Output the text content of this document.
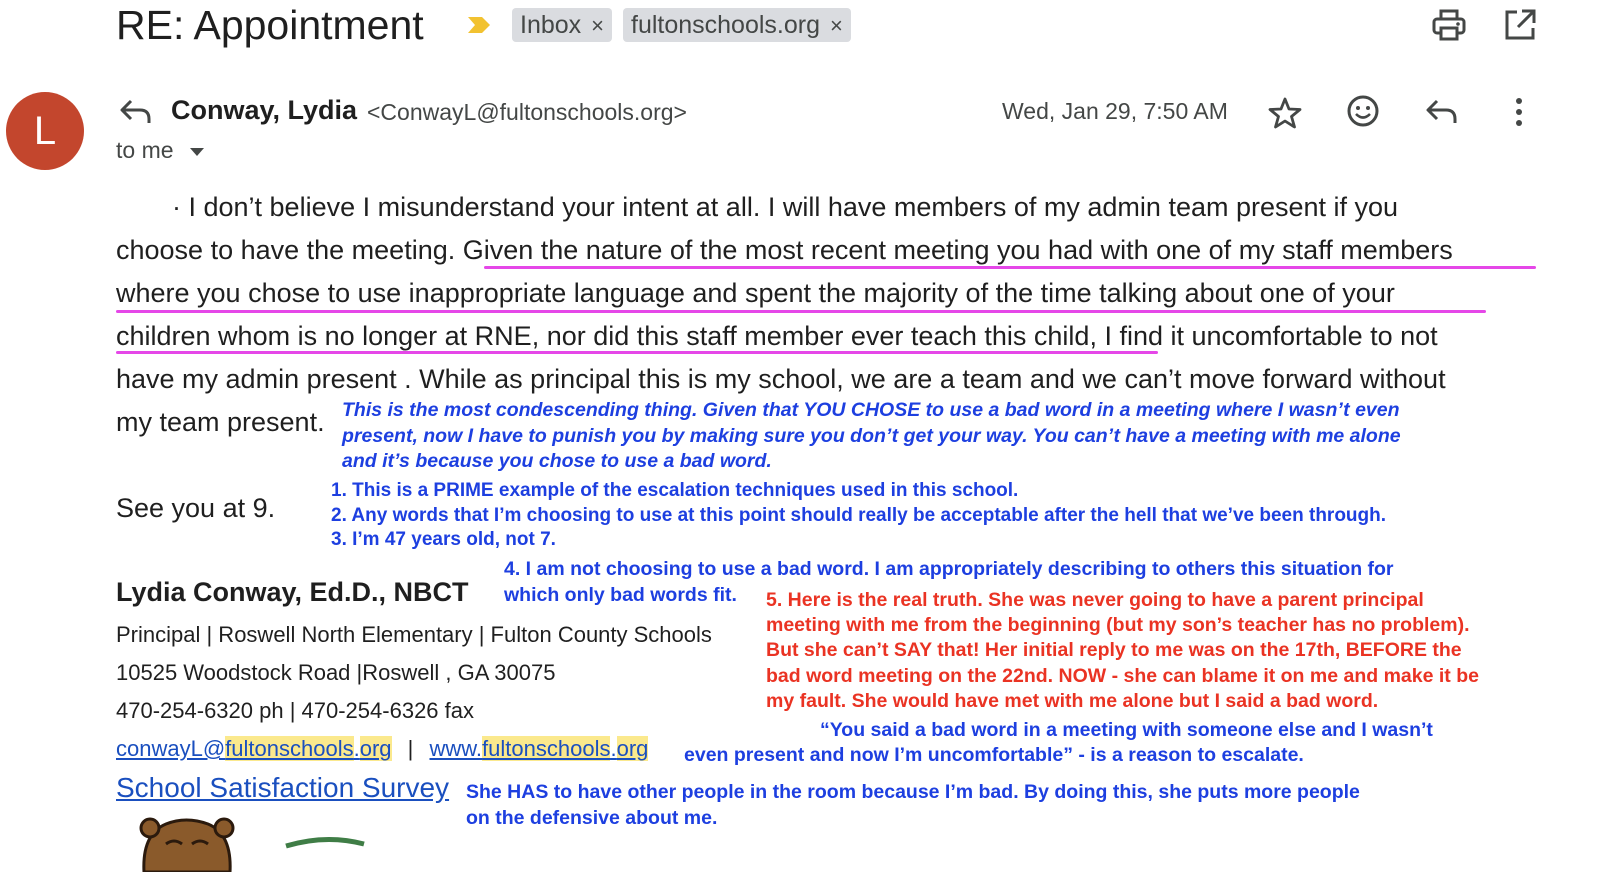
RE: Appointment	Inbox ×	fultonschools.org ×
L	Conway, Lydia <ConwayL@fultonschools.org>
to me
Wed, Jan 29, 7:50 AM
· I don’t believe I misunderstand your intent at all. I will have members of my admin team present if you
choose to have the meeting. Given the nature of the most recent meeting you had with one of my staff members
where you chose to use inappropriate language and spent the majority of the time talking about one of your
children whom is no longer at RNE, nor did this staff member ever teach this child, I find it uncomfortable to not
have my admin present . While as principal this is my school, we are a team and we can’t move forward without
my team present.
See you at 9.
Lydia Conway, Ed.D., NBCT
Principal | Roswell North Elementary | Fulton County Schools
10525 Woodstock Road |Roswell , GA 30075
470-254-6320 ph | 470-254-6326 fax
conwayL@fultonschools.org | www.fultonschools.org
School Satisfaction Survey
This is the most condescending thing. Given that YOU CHOSE to use a bad word in a meeting where I wasn’t even
present, now I have to punish you by making sure you don’t get your way. You can’t have a meeting with me alone
and it’s because you chose to use a bad word.
1. This is a PRIME example of the escalation techniques used in this school.
2. Any words that I’m choosing to use at this point should really be acceptable after the hell that we’ve been through.
3. I’m 47 years old, not 7.
4. I am not choosing to use a bad word. I am appropriately describing to others this situation for
which only bad words fit.	5. Here is the real truth. She was never going to have a parent principal
meeting with me from the beginning (but my son’s teacher has no problem).
But she can’t SAY that! Her initial reply to me was on the 17th, BEFORE the
bad word meeting on the 22nd. NOW - she can blame it on me and make it be
my fault. She would have met with me alone but I said a bad word.
“You said a bad word in a meeting with someone else and I wasn’t
even present and now I’m uncomfortable” - is a reason to escalate.
She HAS to have other people in the room because I’m bad. By doing this, she puts more people
on the defensive about me.
